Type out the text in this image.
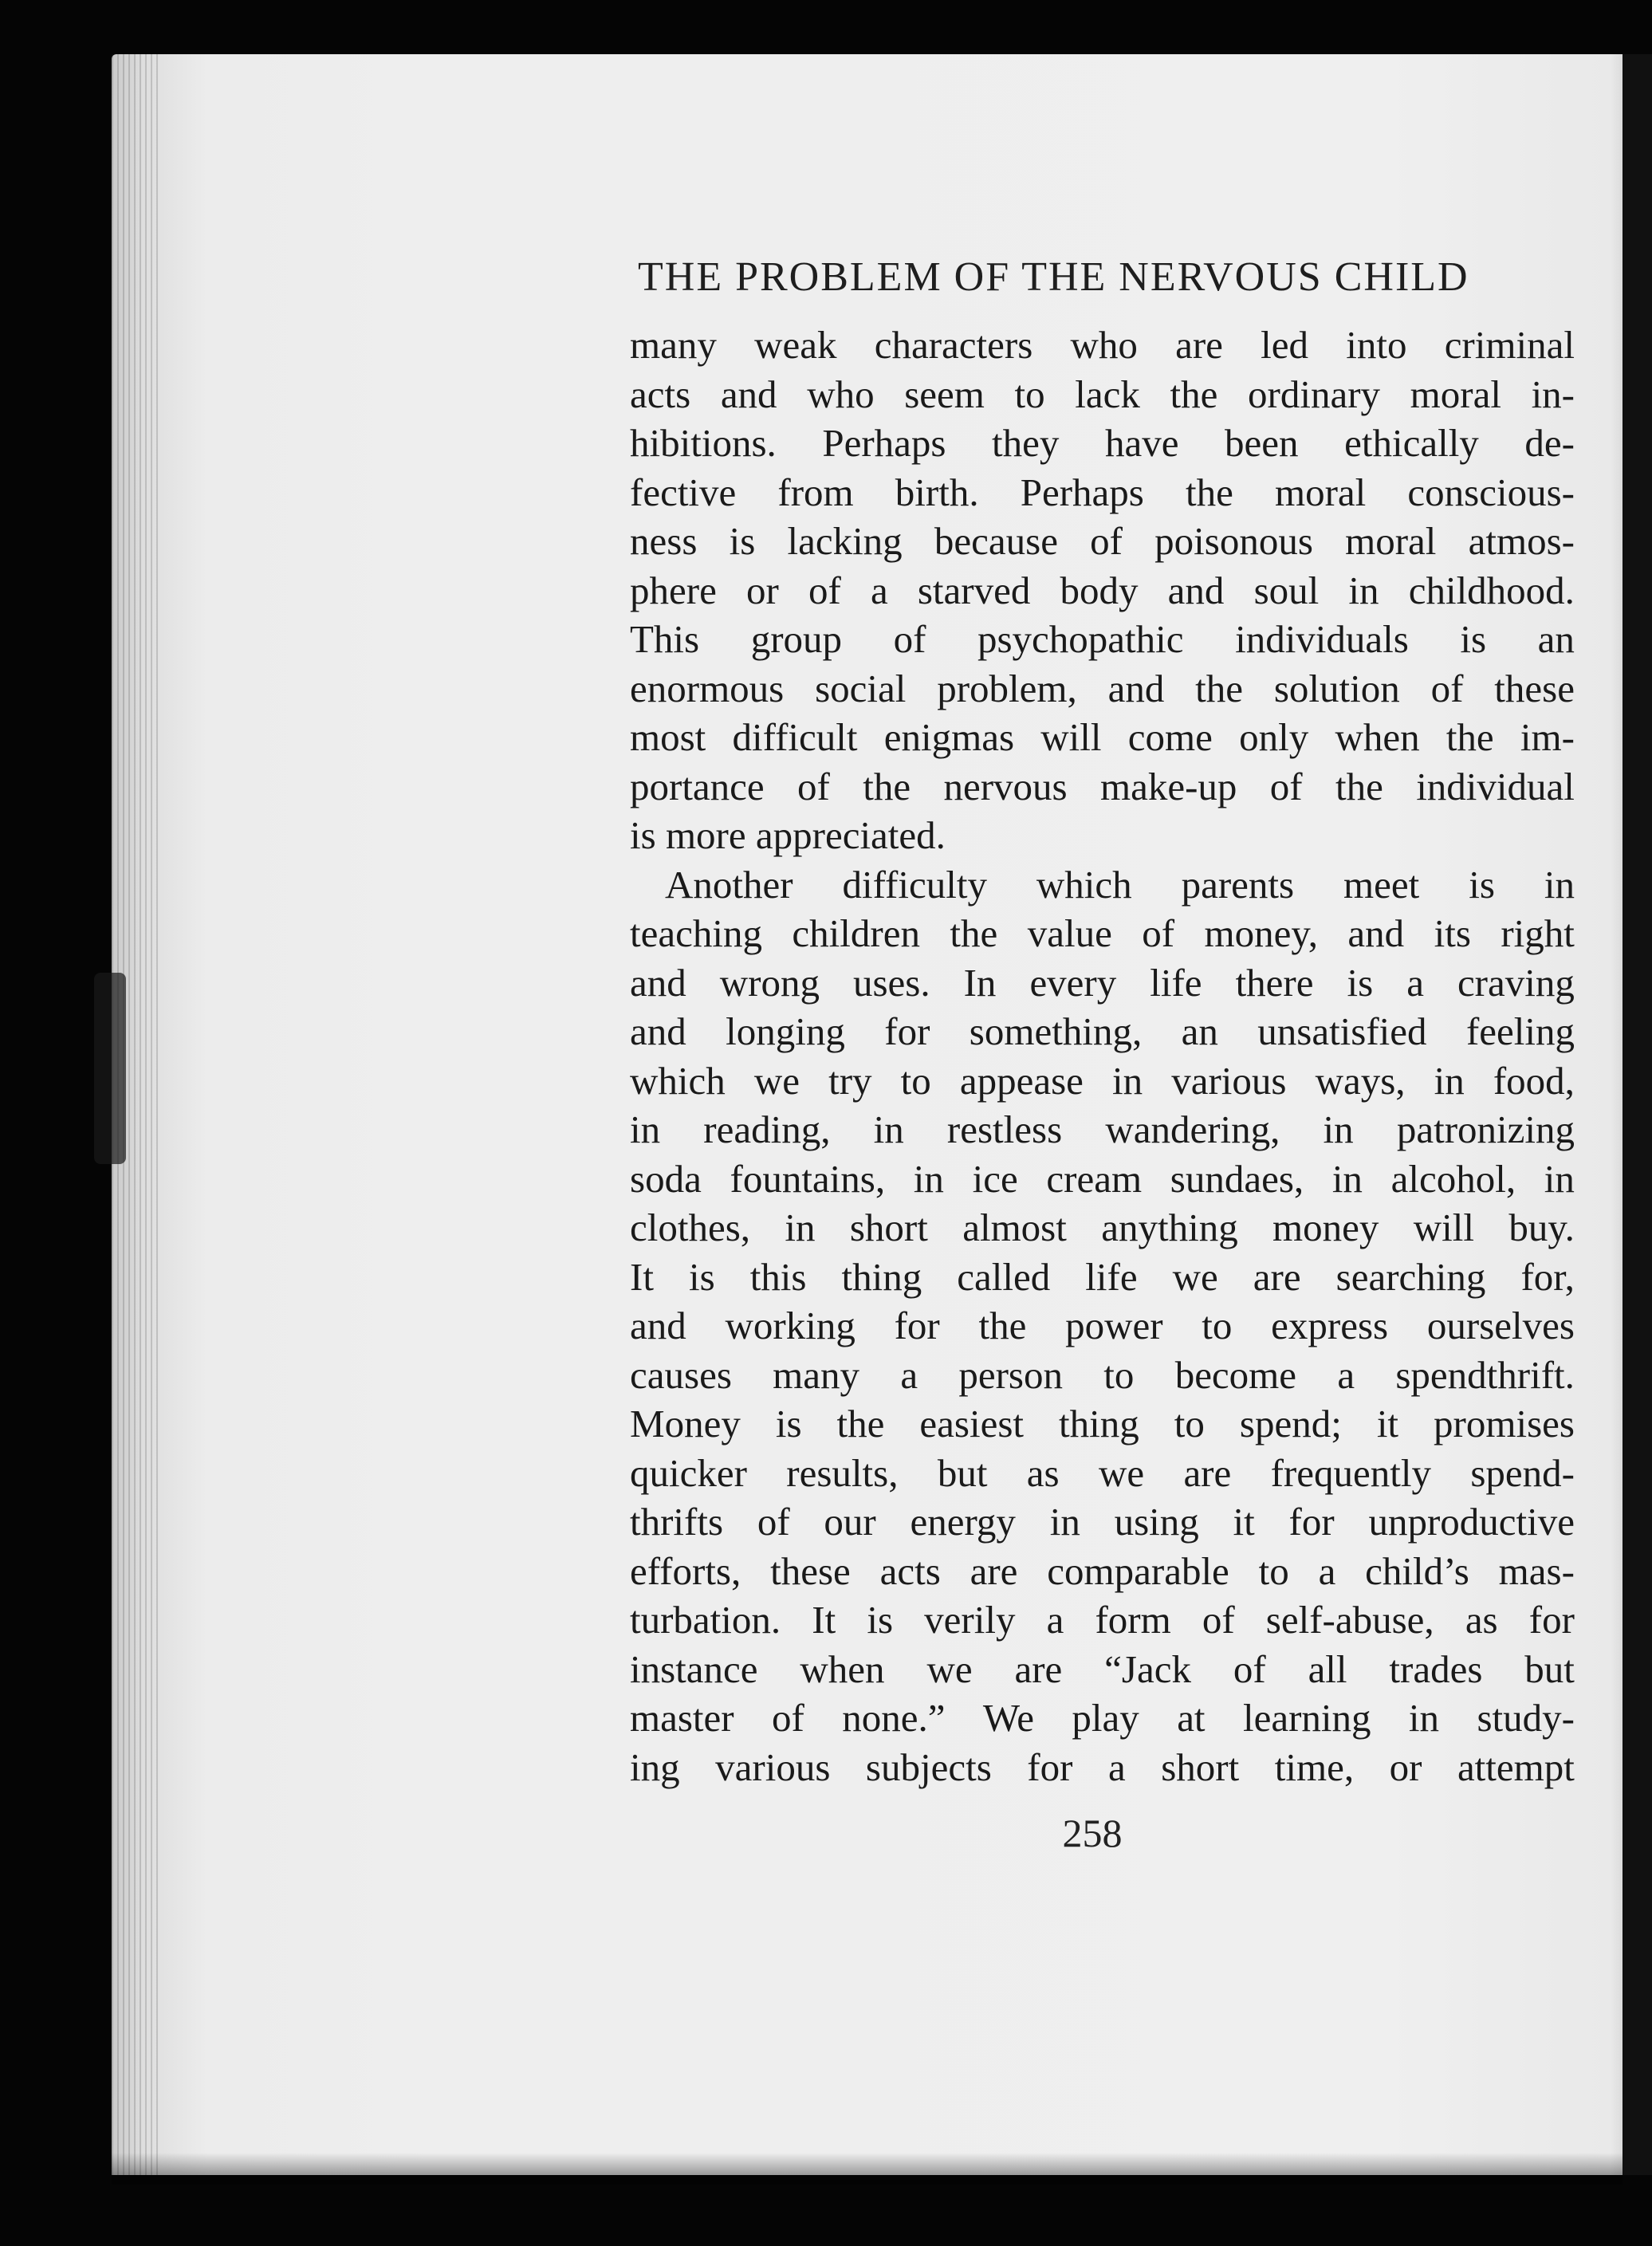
THE PROBLEM OF THE NERVOUS CHILD
many weak characters who are led into criminal
acts and who seem to lack the ordinary moral in-
hibitions. Perhaps they have been ethically de-
fective from birth. Perhaps the moral conscious-
ness is lacking because of poisonous moral atmos-
phere or of a starved body and soul in childhood.
This group of psychopathic individuals is an
enormous social problem, and the solution of these
most difficult enigmas will come only when the im-
portance of the nervous make-up of the individual
is more appreciated.
Another difficulty which parents meet is in
teaching children the value of money, and its right
and wrong uses. In every life there is a craving
and longing for something, an unsatisfied feeling
which we try to appease in various ways, in food,
in reading, in restless wandering, in patronizing
soda fountains, in ice cream sundaes, in alcohol, in
clothes, in short almost anything money will buy.
It is this thing called life we are searching for,
and working for the power to express ourselves
causes many a person to become a spendthrift.
Money is the easiest thing to spend; it promises
quicker results, but as we are frequently spend-
thrifts of our energy in using it for unproductive
efforts, these acts are comparable to a child’s mas-
turbation. It is verily a form of self-abuse, as for
instance when we are “Jack of all trades but
master of none.” We play at learning in study-
ing various subjects for a short time, or attempt
258
